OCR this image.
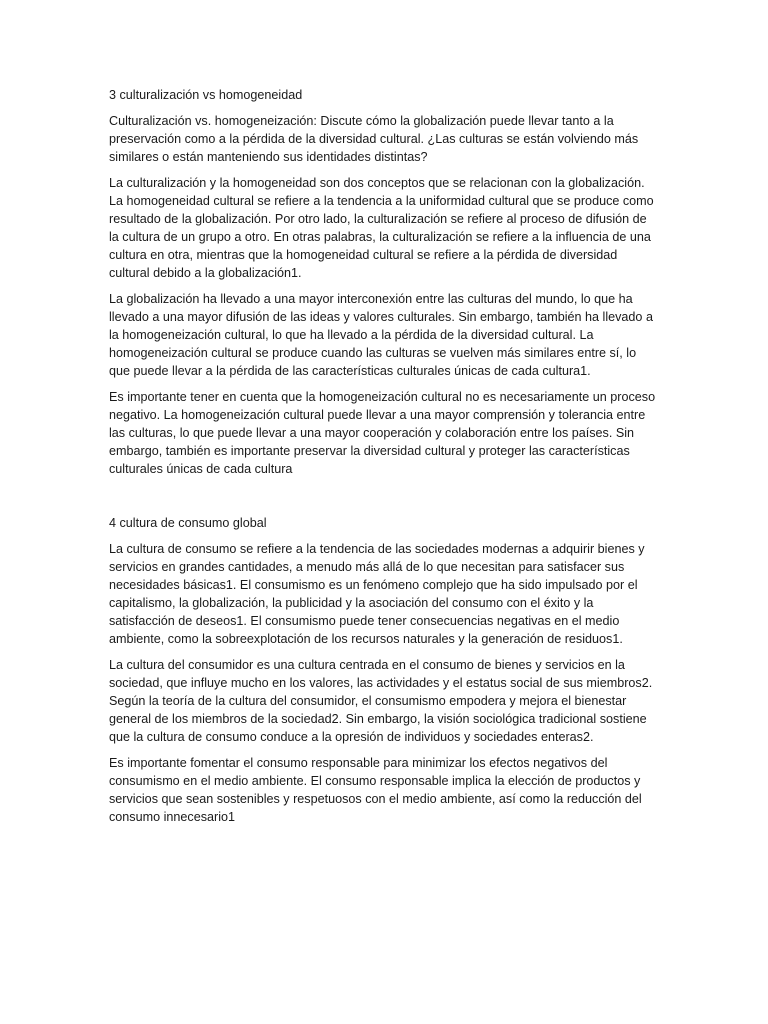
3 culturalización vs homogeneidad

Culturalización vs. homogeneización: Discute cómo la globalización puede llevar tanto a la preservación como a la pérdida de la diversidad cultural. ¿Las culturas se están volviendo más similares o están manteniendo sus identidades distintas?

La culturalización y la homogeneidad son dos conceptos que se relacionan con la globalización. La homogeneidad cultural se refiere a la tendencia a la uniformidad cultural que se produce como resultado de la globalización. Por otro lado, la culturalización se refiere al proceso de difusión de la cultura de un grupo a otro. En otras palabras, la culturalización se refiere a la influencia de una cultura en otra, mientras que la homogeneidad cultural se refiere a la pérdida de diversidad cultural debido a la globalización1.

La globalización ha llevado a una mayor interconexión entre las culturas del mundo, lo que ha llevado a una mayor difusión de las ideas y valores culturales. Sin embargo, también ha llevado a la homogeneización cultural, lo que ha llevado a la pérdida de la diversidad cultural. La homogeneización cultural se produce cuando las culturas se vuelven más similares entre sí, lo que puede llevar a la pérdida de las características culturales únicas de cada cultura1.

Es importante tener en cuenta que la homogeneización cultural no es necesariamente un proceso negativo. La homogeneización cultural puede llevar a una mayor comprensión y tolerancia entre las culturas, lo que puede llevar a una mayor cooperación y colaboración entre los países. Sin embargo, también es importante preservar la diversidad cultural y proteger las características culturales únicas de cada cultura

4 cultura de consumo global

La cultura de consumo se refiere a la tendencia de las sociedades modernas a adquirir bienes y servicios en grandes cantidades, a menudo más allá de lo que necesitan para satisfacer sus necesidades básicas1. El consumismo es un fenómeno complejo que ha sido impulsado por el capitalismo, la globalización, la publicidad y la asociación del consumo con el éxito y la satisfacción de deseos1. El consumismo puede tener consecuencias negativas en el medio ambiente, como la sobreexplotación de los recursos naturales y la generación de residuos1.

La cultura del consumidor es una cultura centrada en el consumo de bienes y servicios en la sociedad, que influye mucho en los valores, las actividades y el estatus social de sus miembros2. Según la teoría de la cultura del consumidor, el consumismo empodera y mejora el bienestar general de los miembros de la sociedad2. Sin embargo, la visión sociológica tradicional sostiene que la cultura de consumo conduce a la opresión de individuos y sociedades enteras2.

Es importante fomentar el consumo responsable para minimizar los efectos negativos del consumismo en el medio ambiente. El consumo responsable implica la elección de productos y servicios que sean sostenibles y respetuosos con el medio ambiente, así como la reducción del consumo innecesario1
